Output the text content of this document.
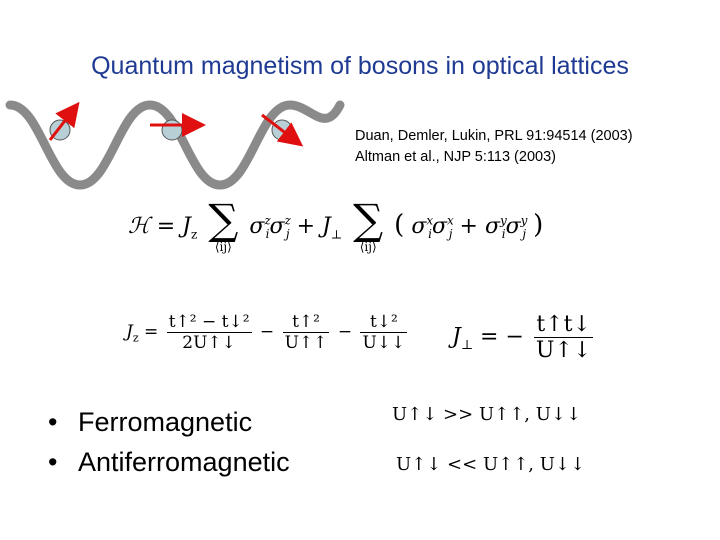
Quantum magnetism of bosons in optical lattices
Duan, Demler, Lukin, PRL 91:94514 (2003)
Altman et al., NJP 5:113 (2003)
ℋ = $J_z$ ∑
⟨ij⟩
$\sigma^z_i\sigma^z_j + J_\perp$ ∑
⟨ij⟩
( $\sigma^x_i\sigma^x_j + \sigma^y_i\sigma^y_j$ )
$J_z = \frac{\text{t↑² − t↓²}}{2U↑↓} - \frac{\text{t↑²}}{U↑↑} - \frac{\text{t↓²}}{U↓↓} J_\perp$ = − $\frac{t↑t↓}{U↑↓}$
• Ferromagnetic
• Antiferromagnetic
U↑↓ >> U↑↑, U↓↓
U↑↓ << U↑↑, U↓↓
